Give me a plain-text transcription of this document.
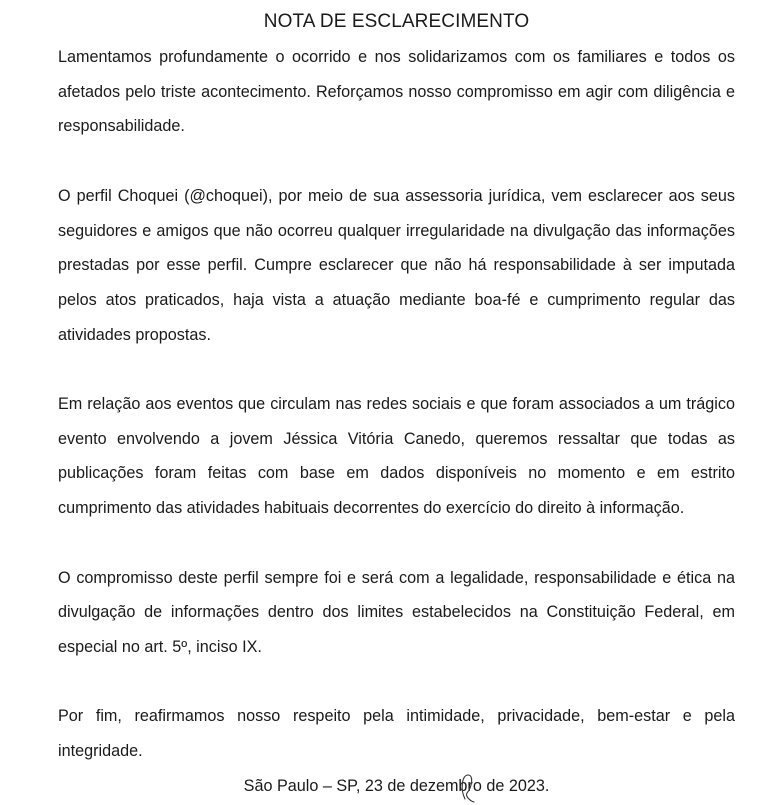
NOTA DE ESCLARECIMENTO

Lamentamos profundamente o ocorrido e nos solidarizamos com os familiares e todos os afetados pelo triste acontecimento. Reforçamos nosso compromisso em agir com diligência e responsabilidade.

O perfil Choquei (@choquei), por meio de sua assessoria jurídica, vem esclarecer aos seus seguidores e amigos que não ocorreu qualquer irregularidade na divulgação das informações prestadas por esse perfil. Cumpre esclarecer que não há responsabilidade à ser imputada pelos atos praticados, haja vista a atuação mediante boa-fé e cumprimento regular das atividades propostas.

Em relação aos eventos que circulam nas redes sociais e que foram associados a um trágico evento envolvendo a jovem Jéssica Vitória Canedo, queremos ressaltar que todas as publicações foram feitas com base em dados disponíveis no momento e em estrito cumprimento das atividades habituais decorrentes do exercício do direito à informação.

O compromisso deste perfil sempre foi e será com a legalidade, responsabilidade e ética na divulgação de informações dentro dos limites estabelecidos na Constituição Federal, em especial no art. 5º, inciso IX.

Por fim, reafirmamos nosso respeito pela intimidade, privacidade, bem-estar e pela integridade.

São Paulo – SP, 23 de dezembro de 2023.
